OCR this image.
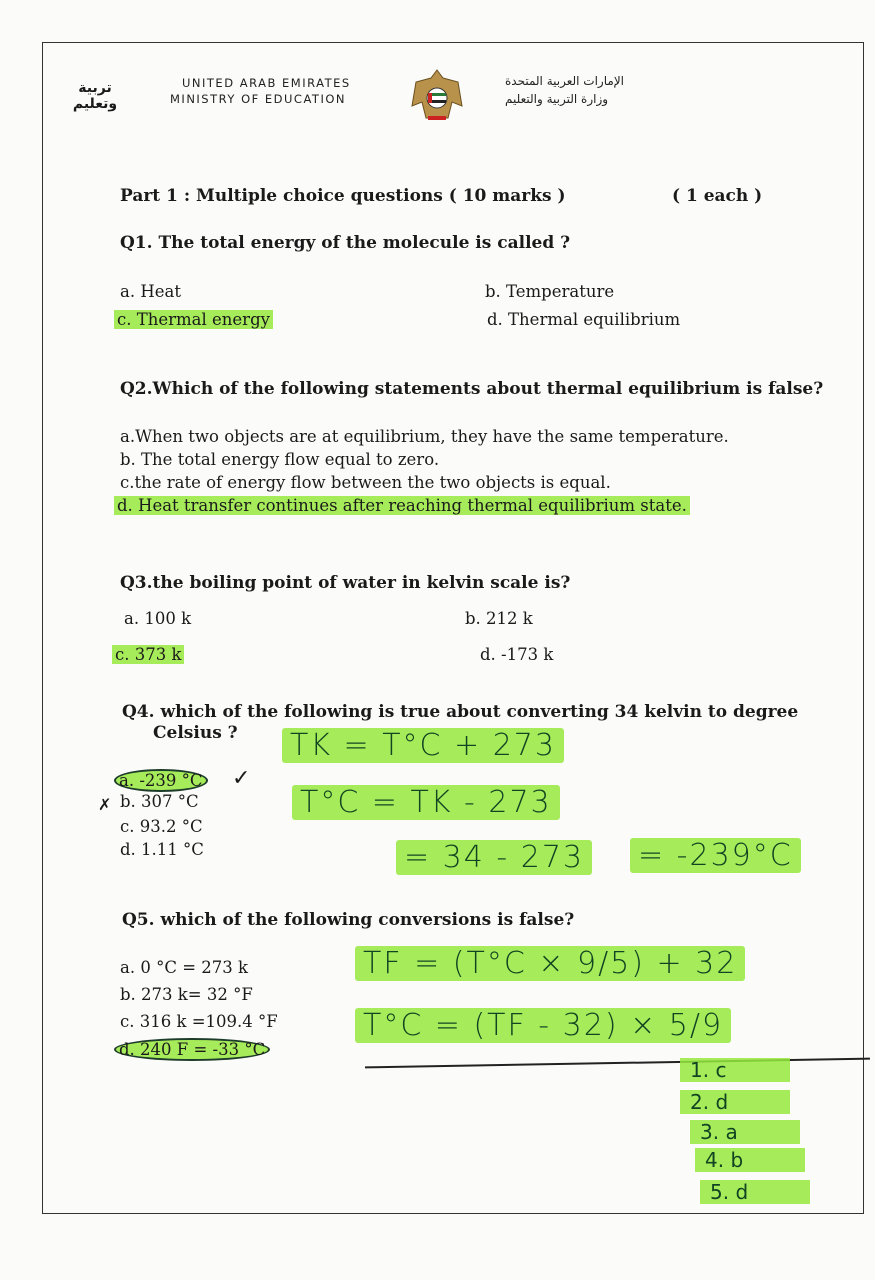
تربية وتعليم
UNITED ARAB EMIRATES
MINISTRY OF EDUCATION
الإمارات العربية المتحدة
وزارة التربية والتعليم
Part 1 : Multiple choice questions ( 10 marks )	( 1 each )
Q1. The total energy of the molecule is called ?
a. Heat	b. Temperature
c. Thermal energy	d. Thermal equilibrium
Q2.Which of the following statements about thermal equilibrium is false?
a.When two objects are at equilibrium, they have the same temperature.
b. The total energy flow equal to zero.
c.the rate of energy flow between the two objects is equal.
d. Heat transfer continues after reaching thermal equilibrium state.
Q3.the boiling point of water in kelvin scale is?
a. 100 k	b. 212 k
c. 373 k	d. -173 k
Q4. which of the following is true about converting 34 kelvin to degree
Celsius ?
a. -239 °C ✓
✗ b. 307 °C
c. 93.2 °C
d. 1.11 °C
TK = T°C + 273
T°C = TK - 273
= 34 - 273 = -239°C
Q5. which of the following conversions is false?
a. 0 °C = 273 k
b. 273 k= 32 °F
c. 316 k =109.4 °F
d. 240 F = -33 °C
TF = (T°C × 9/5) + 32
T°C = (TF - 32) × 5/9
1. c
2. d
3. a
4. b
5. d
